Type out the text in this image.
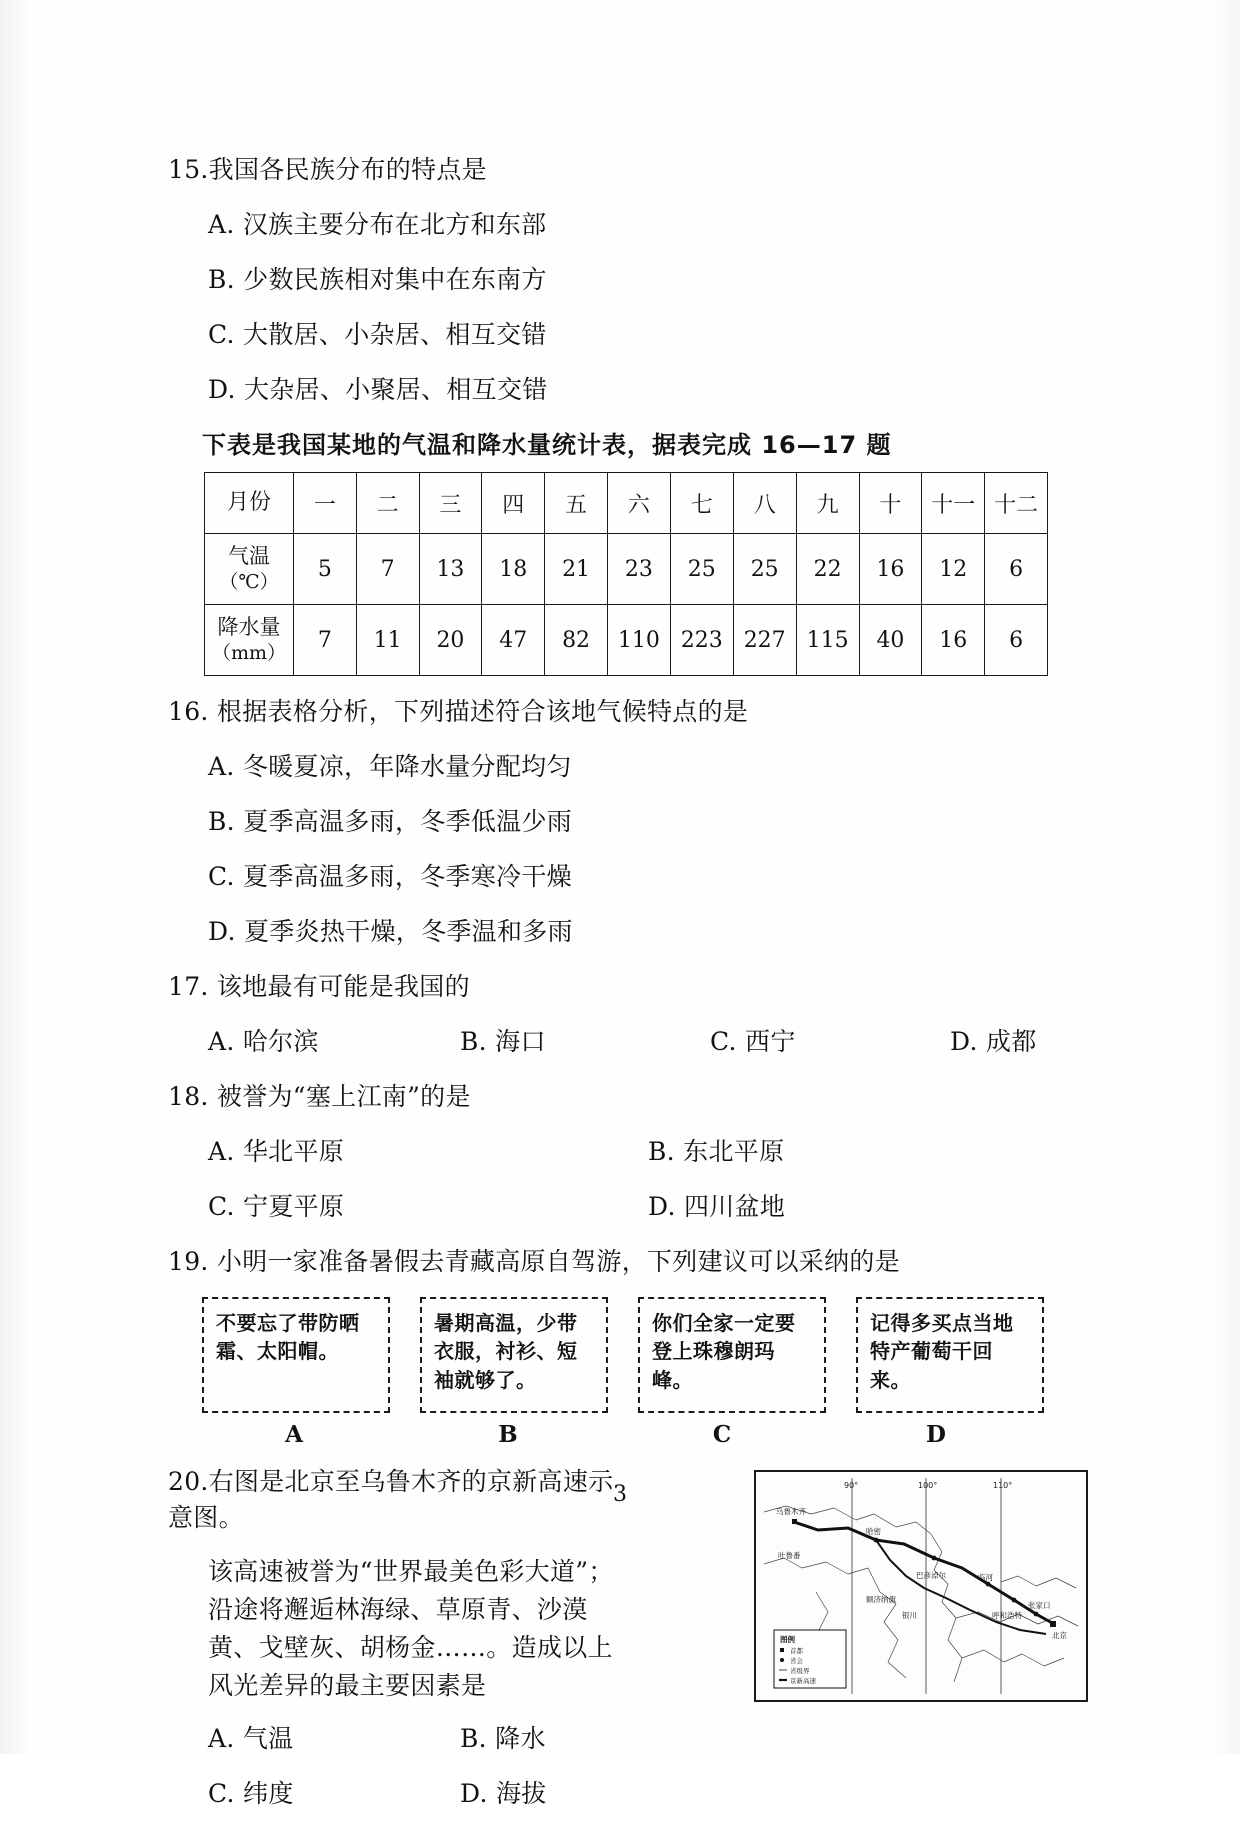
15.我国各民族分布的特点是
A. 汉族主要分布在北方和东部
B. 少数民族相对集中在东南方
C. 大散居、小杂居、相互交错
D. 大杂居、小聚居、相互交错
下表是我国某地的气温和降水量统计表，据表完成 16—17 题
月份	一	二	三	四	五	六	七	八	九	十	十一	十二

气温
（℃）	5	7	13	18	21	23	25	25	22	16	12	6

降水量
（mm）	7	11	20	47	82	110	223	227	115	40	16	6
16. 根据表格分析，下列描述符合该地气候特点的是
A. 冬暖夏凉，年降水量分配均匀
B. 夏季高温多雨，冬季低温少雨
C. 夏季高温多雨，冬季寒冷干燥
D. 夏季炎热干燥，冬季温和多雨
17. 该地最有可能是我国的
A. 哈尔滨	B. 海口	C. 西宁	D. 成都
18. 被誉为“塞上江南”的是
A. 华北平原	B. 东北平原
C. 宁夏平原	D. 四川盆地
19. 小明一家准备暑假去青藏高原自驾游，下列建议可以采纳的是
不要忘了带防晒霜、太阳帽。
暑期高温，少带衣服，衬衫、短袖就够了。
你们全家一定要登上珠穆朗玛峰。
记得多买点当地特产葡萄干回来。
A	B	C	D
20.右图是北京至乌鲁木齐的京新高速示意图。
该高速被誉为“世界最美色彩大道”；沿途将邂逅林海绿、草原青、沙漠黄、戈壁灰、胡杨金……。造成以上风光差异的最主要因素是
A. 气温	B. 降水
C. 纬度	D. 海拔
90°	100°	110°
乌鲁木齐
哈密
吐鲁番
巴彦淖尔	临河
额济纳旗
银川	呼和浩特
张家口
北京
图例
首都
省会
省级界
京新高速
3
